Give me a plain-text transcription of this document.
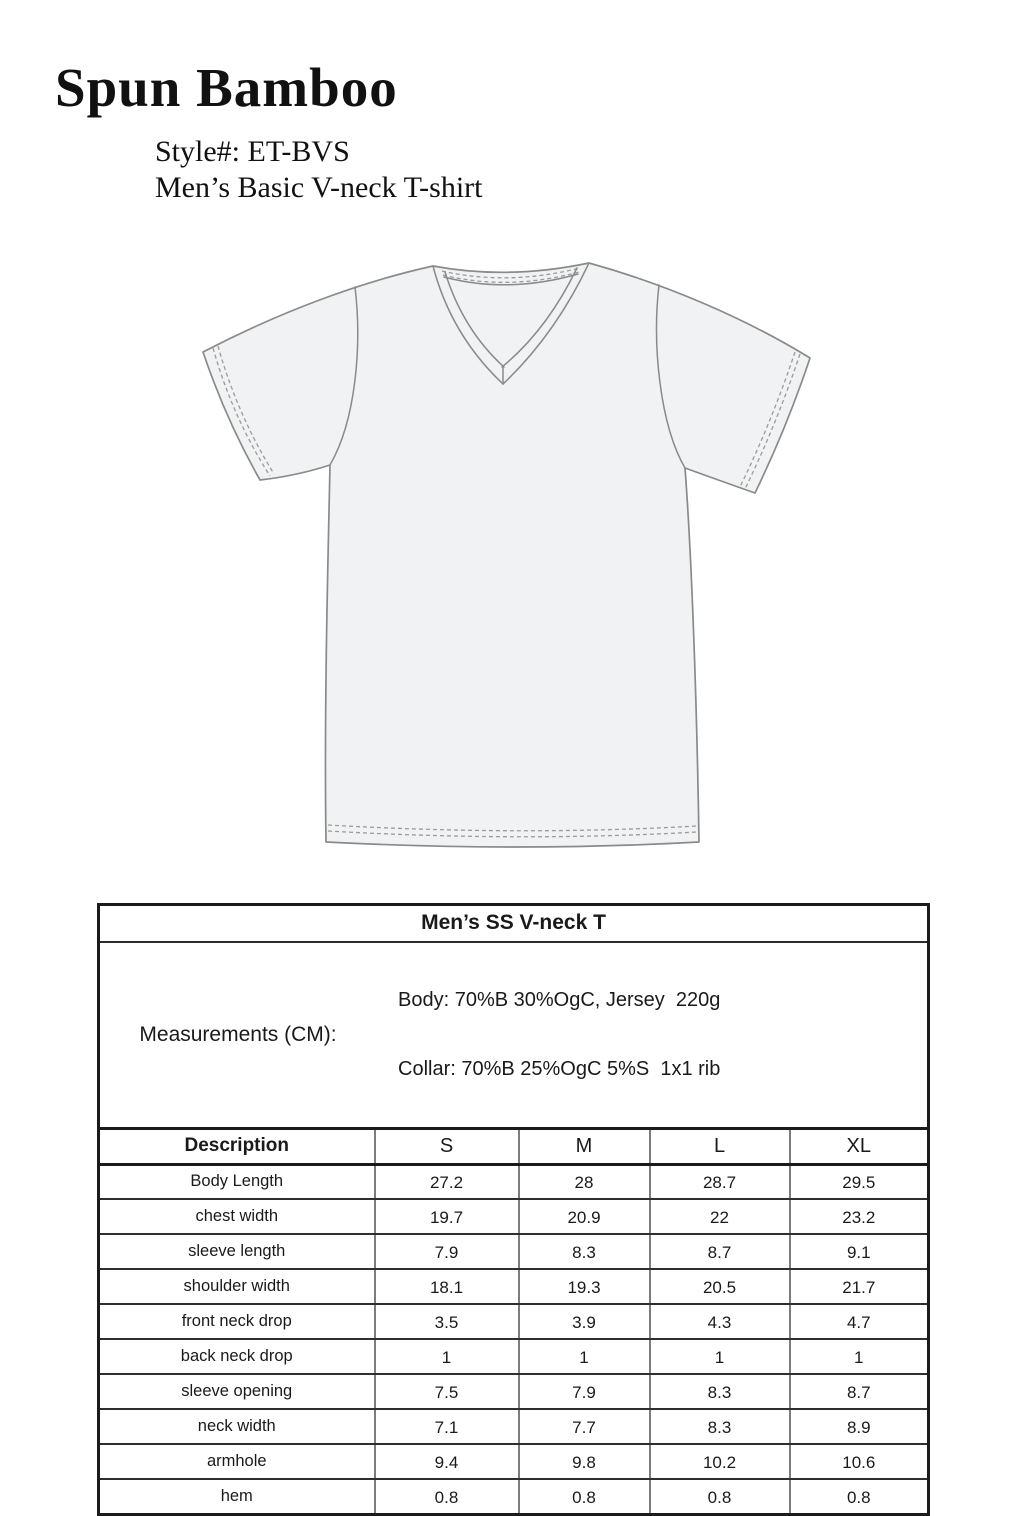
Spun Bamboo
Style#: ET-BVS
Men’s Basic V-neck T-shirt
Men’s SS V-neck T				

Measurements (CM):

Body: 70%B 30%OgC, Jersey  220g

Collar: 70%B 25%OgC 5%S  1x1 rib				

Description	S	M	L	XL
Body Length	27.2	28	28.7	29.5
chest width	19.7	20.9	22	23.2
sleeve length	7.9	8.3	8.7	9.1
shoulder width	18.1	19.3	20.5	21.7
front neck drop	3.5	3.9	4.3	4.7
back neck drop	1	1	1	1
sleeve opening	7.5	7.9	8.3	8.7
neck width	7.1	7.7	8.3	8.9
armhole	9.4	9.8	10.2	10.6
hem	0.8	0.8	0.8	0.8
